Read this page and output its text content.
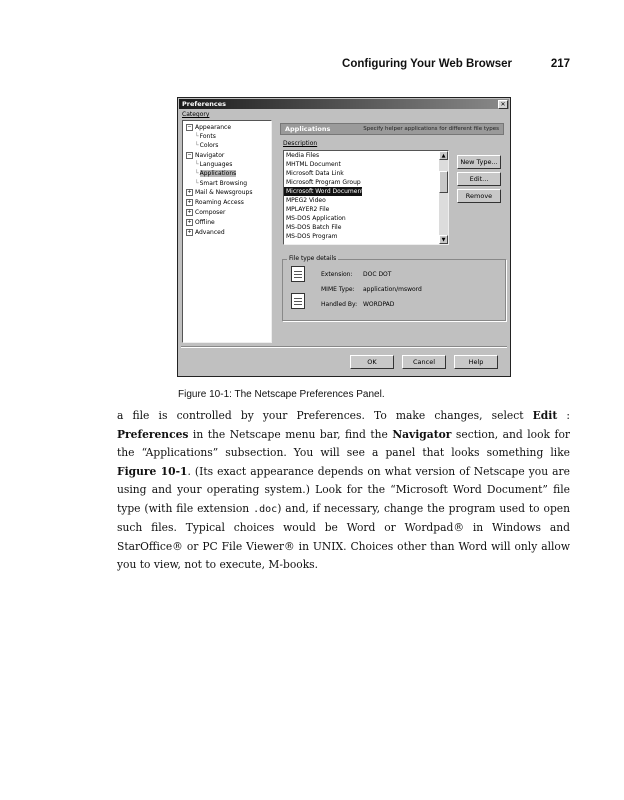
Configuring Your Web Browser	217
Preferences	✕
Category
− Appearance
└Fonts
└Colors
− Navigator
└Languages
└Applications
└Smart Browsing
+ Mail & Newsgroups
+ Roaming Access
+ Composer
+ Offline
+ Advanced
Applications	Specify helper applications for different file types
Description
Media Files
MHTML Document
Microsoft Data Link
Microsoft Program Group
Microsoft Word Document
MPEG2 Video
MPLAYER2 File
MS-DOS Application
MS-DOS Batch File
MS-DOS Program
▲
▼
New Type...
Edit...
Remove
File type details
Extension: DOC DOT
MIME Type: application/msword
Handled By: WORDPAD
OK	Cancel	Help
Figure 10-1: The Netscape Preferences Panel.

a file is controlled by your Preferences. To make changes, select Edit : Preferences in the Netscape menu bar, find the Navigator section, and look for the “Applications” subsection. You will see a panel that looks something like Figure 10-1. (Its exact appearance depends on what version of Netscape you are using and your operating system.) Look for the “Microsoft Word Document” file type (with file extension .doc) and, if necessary, change the program used to open such files. Typical choices would be Word or Wordpad® in Windows and StarOffice® or PC File Viewer® in UNIX. Choices other than Word will only allow you to view, not to execute, M-books.
